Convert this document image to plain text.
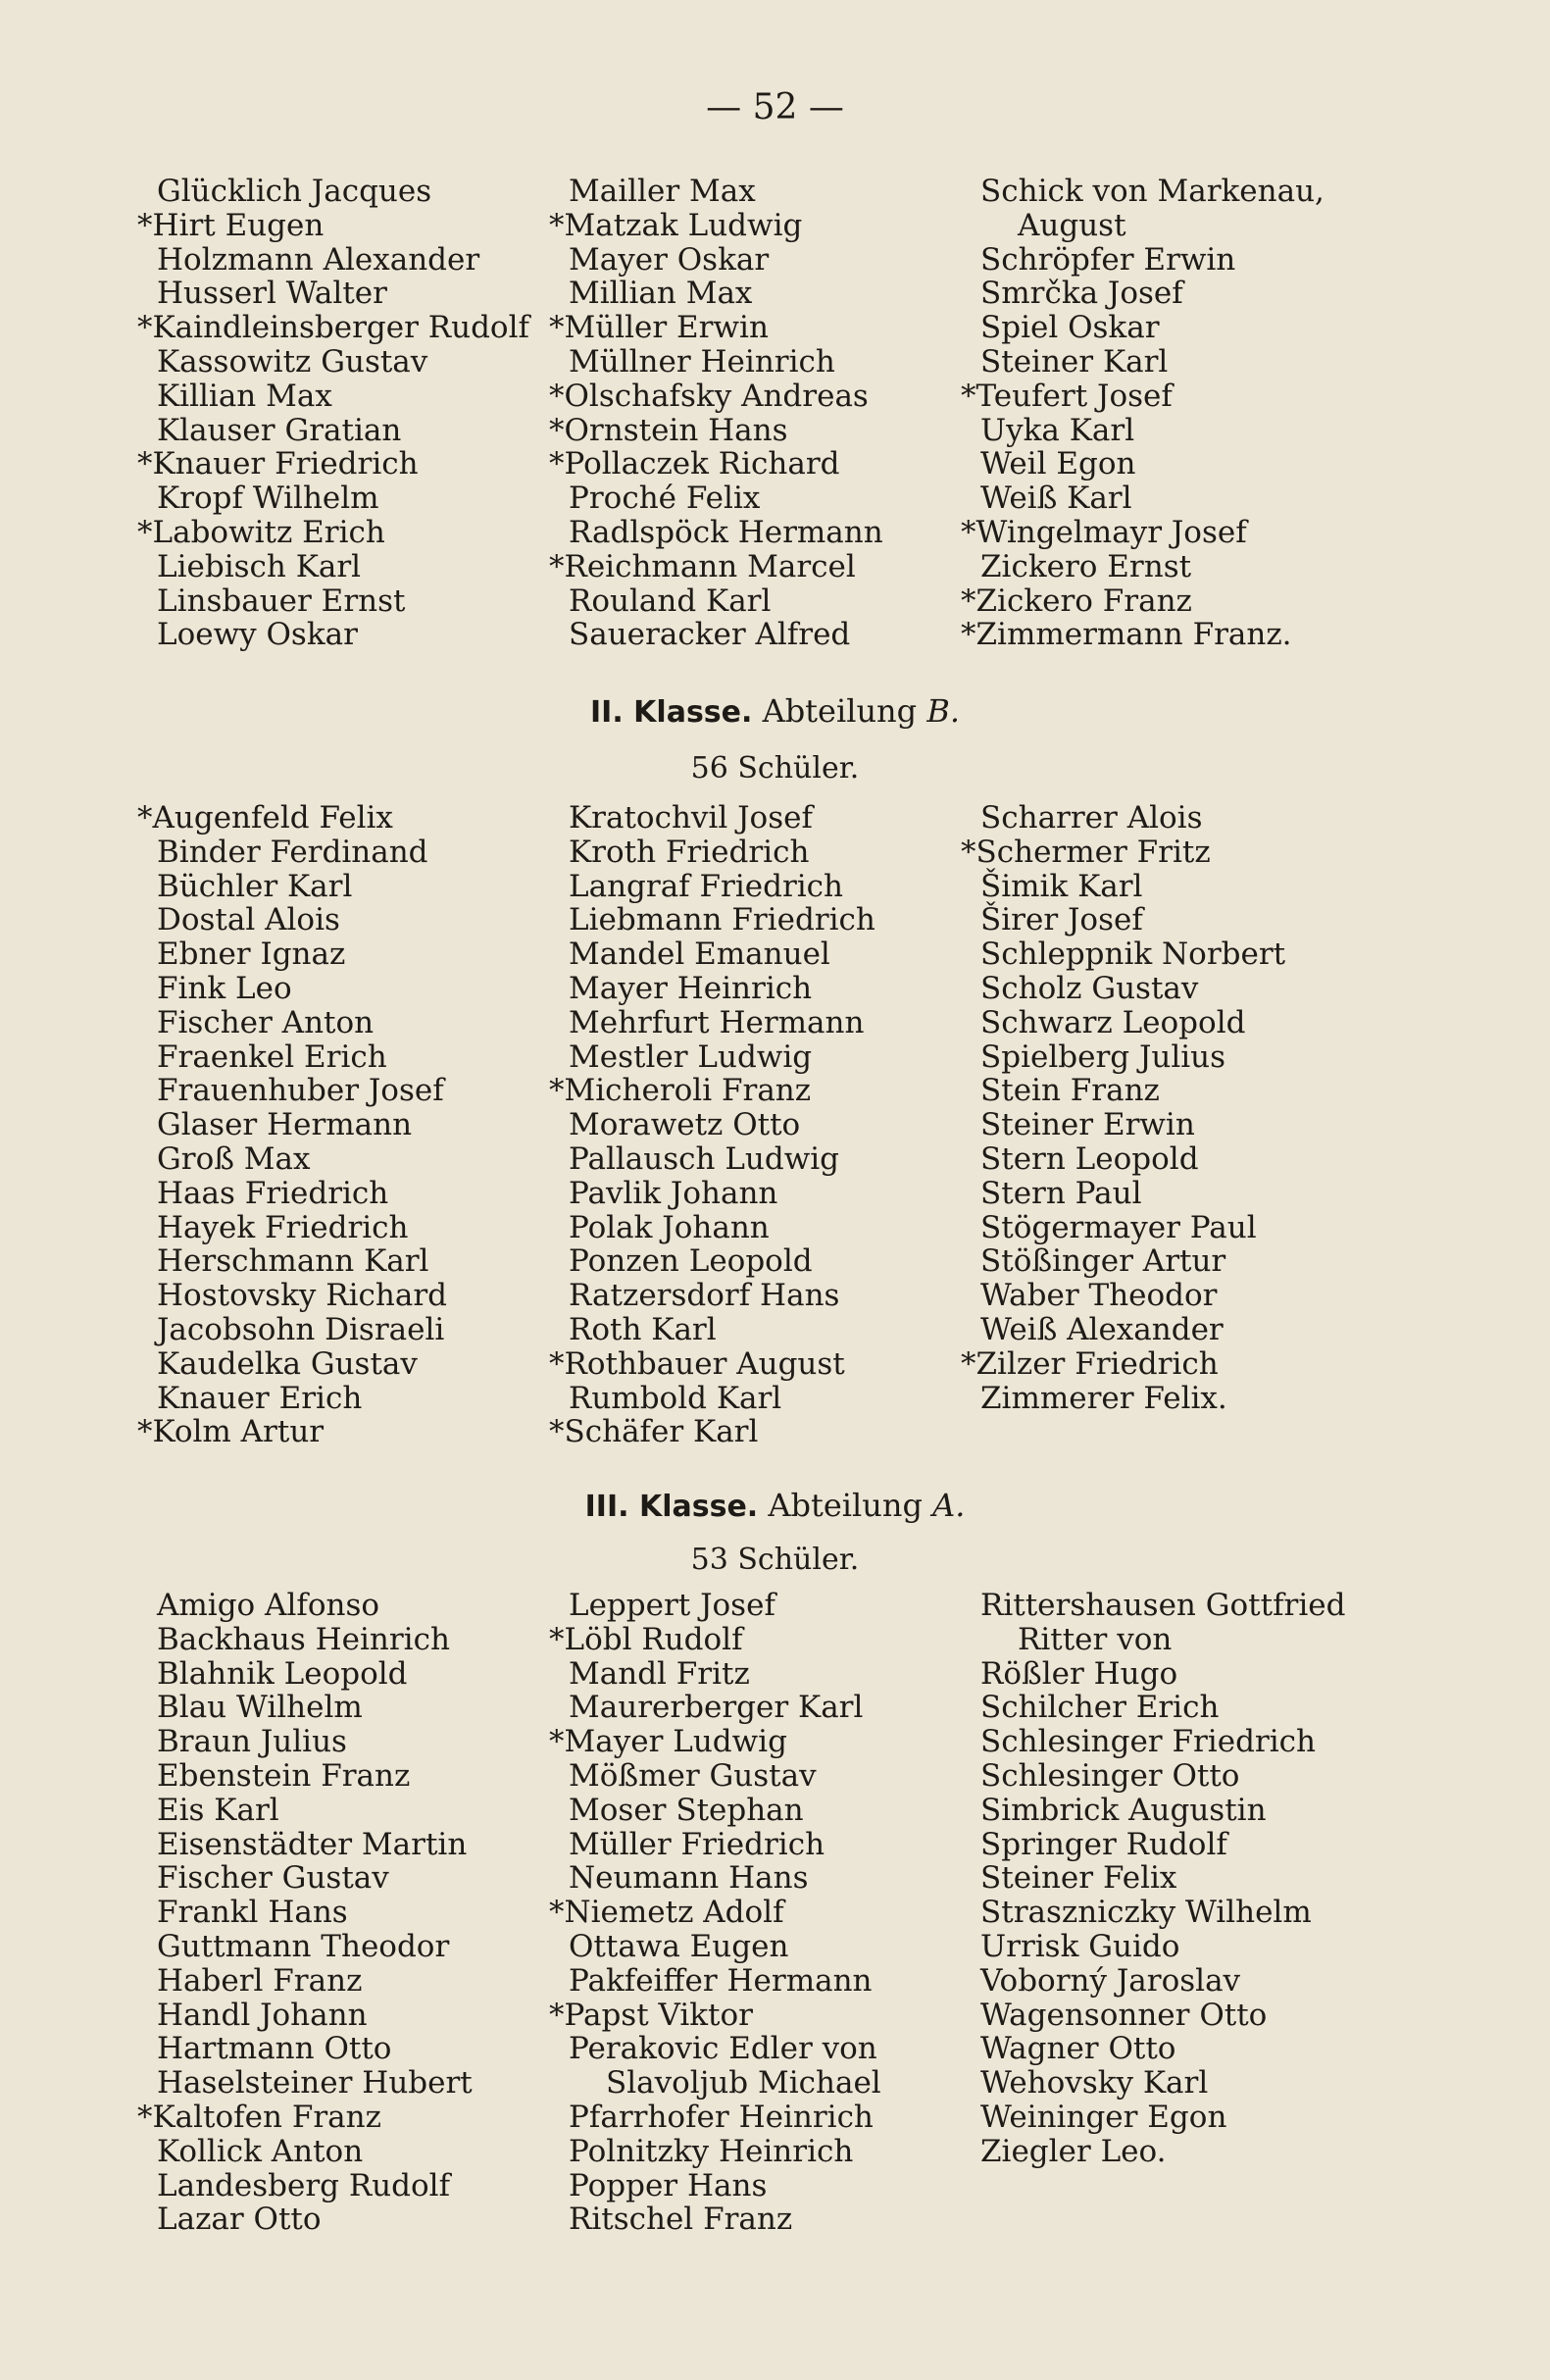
— 52 —
Glücklich Jacques
*Hirt Eugen
Holzmann Alexander
Husserl Walter
*Kaindleinsberger Rudolf
Kassowitz Gustav
Killian Max
Klauser Gratian
*Knauer Friedrich
Kropf Wilhelm
*Labowitz Erich
Liebisch Karl
Linsbauer Ernst
Loewy Oskar
Mailler Max
*Matzak Ludwig
Mayer Oskar
Millian Max
*Müller Erwin
Müllner Heinrich
*Olschafsky Andreas
*Ornstein Hans
*Pollaczek Richard
Proché Felix
Radlspöck Hermann
*Reichmann Marcel
Rouland Karl
Saueracker Alfred
Schick von Markenau,
August
Schröpfer Erwin
Smrčka Josef
Spiel Oskar
Steiner Karl
*Teufert Josef
Uyka Karl
Weil Egon
Weiß Karl
*Wingelmayr Josef
Zickero Ernst
*Zickero Franz
*Zimmermann Franz.
II. Klasse. Abteilung B.
56 Schüler.
*Augenfeld Felix
Binder Ferdinand
Büchler Karl
Dostal Alois
Ebner Ignaz
Fink Leo
Fischer Anton
Fraenkel Erich
Frauenhuber Josef
Glaser Hermann
Groß Max
Haas Friedrich
Hayek Friedrich
Herschmann Karl
Hostovsky Richard
Jacobsohn Disraeli
Kaudelka Gustav
Knauer Erich
*Kolm Artur
Kratochvil Josef
Kroth Friedrich
Langraf Friedrich
Liebmann Friedrich
Mandel Emanuel
Mayer Heinrich
Mehrfurt Hermann
Mestler Ludwig
*Micheroli Franz
Morawetz Otto
Pallausch Ludwig
Pavlik Johann
Polak Johann
Ponzen Leopold
Ratzersdorf Hans
Roth Karl
*Rothbauer August
Rumbold Karl
*Schäfer Karl
Scharrer Alois
*Schermer Fritz
Šimik Karl
Širer Josef
Schleppnik Norbert
Scholz Gustav
Schwarz Leopold
Spielberg Julius
Stein Franz
Steiner Erwin
Stern Leopold
Stern Paul
Stögermayer Paul
Stößinger Artur
Waber Theodor
Weiß Alexander
*Zilzer Friedrich
Zimmerer Felix.
III. Klasse. Abteilung A.
53 Schüler.
Amigo Alfonso
Backhaus Heinrich
Blahnik Leopold
Blau Wilhelm
Braun Julius
Ebenstein Franz
Eis Karl
Eisenstädter Martin
Fischer Gustav
Frankl Hans
Guttmann Theodor
Haberl Franz
Handl Johann
Hartmann Otto
Haselsteiner Hubert
*Kaltofen Franz
Kollick Anton
Landesberg Rudolf
Lazar Otto
Leppert Josef
*Löbl Rudolf
Mandl Fritz
Maurerberger Karl
*Mayer Ludwig
Mößmer Gustav
Moser Stephan
Müller Friedrich
Neumann Hans
*Niemetz Adolf
Ottawa Eugen
Pakfeiffer Hermann
*Papst Viktor
Perakovic Edler von
Slavoljub Michael
Pfarrhofer Heinrich
Polnitzky Heinrich
Popper Hans
Ritschel Franz
Rittershausen Gottfried
Ritter von
Rößler Hugo
Schilcher Erich
Schlesinger Friedrich
Schlesinger Otto
Simbrick Augustin
Springer Rudolf
Steiner Felix
Straszniczky Wilhelm
Urrisk Guido
Voborný Jaroslav
Wagensonner Otto
Wagner Otto
Wehovsky Karl
Weininger Egon
Ziegler Leo.
